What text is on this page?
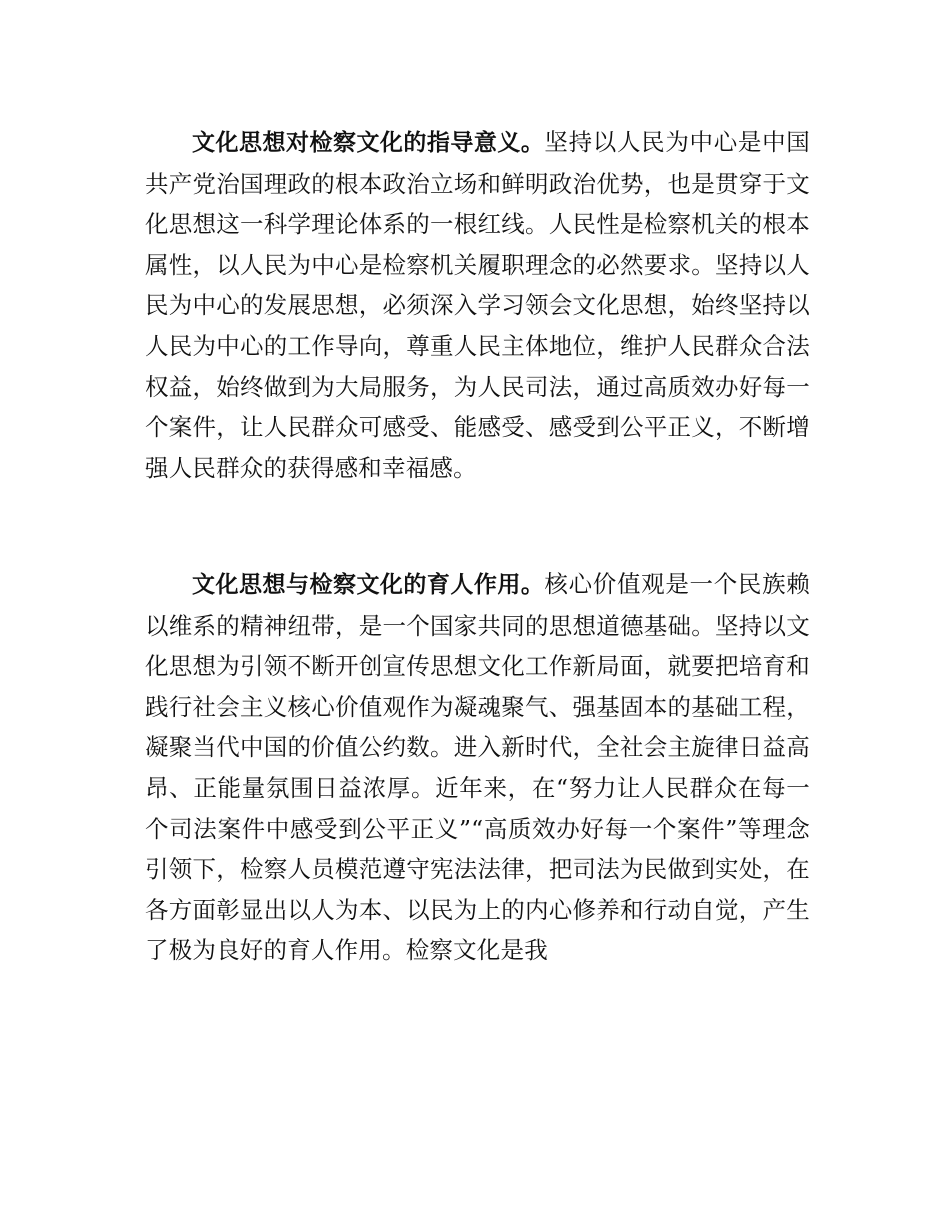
文化思想对检察文化的指导意义。坚持以人民为中心是中国共产党治国理政的根本政治立场和鲜明政治优势，也是贯穿于文化思想这一科学理论体系的一根红线。人民性是检察机关的根本属性，以人民为中心是检察机关履职理念的必然要求。坚持以人民为中心的发展思想，必须深入学习领会文化思想，始终坚持以人民为中心的工作导向，尊重人民主体地位，维护人民群众合法权益，始终做到为大局服务，为人民司法，通过高质效办好每一个案件，让人民群众可感受、能感受、感受到公平正义，不断增强人民群众的获得感和幸福感。

文化思想与检察文化的育人作用。核心价值观是一个民族赖以维系的精神纽带，是一个国家共同的思想道德基础。坚持以文化思想为引领不断开创宣传思想文化工作新局面，就要把培育和践行社会主义核心价值观作为凝魂聚气、强基固本的基础工程，凝聚当代中国的价值公约数。进入新时代，全社会主旋律日益高昂、正能量氛围日益浓厚。近年来，在“努力让人民群众在每一个司法案件中感受到公平正义”“高质效办好每一个案件”等理念引领下，检察人员模范遵守宪法法律，把司法为民做到实处，在各方面彰显出以人为本、以民为上的内心修养和行动自觉，产生了极为良好的育人作用。检察文化是我
